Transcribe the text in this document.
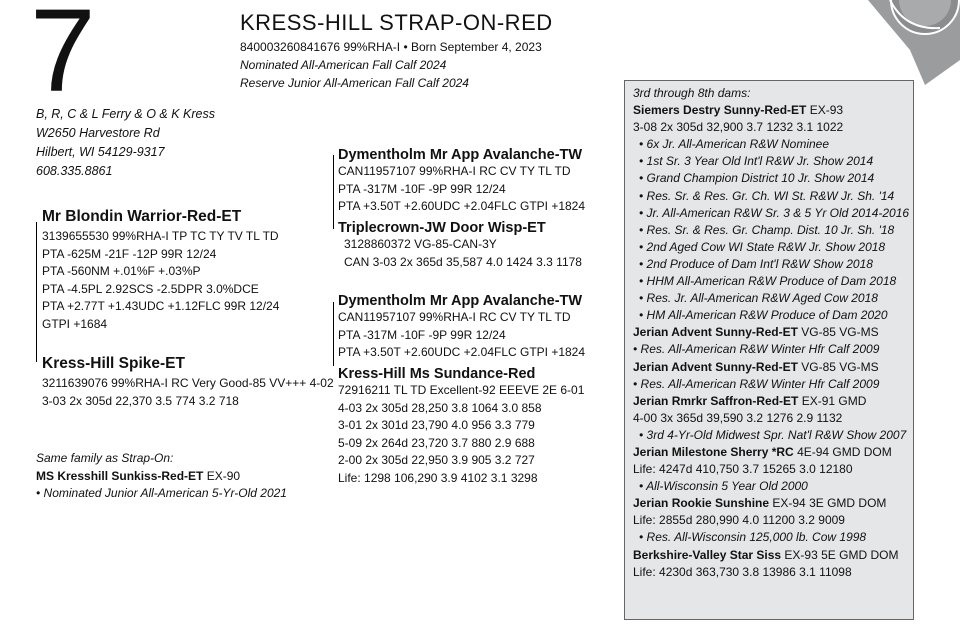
7	KRESS-HILL STRAP-ON-RED
840003260841676 99%RHA-I • Born September 4, 2023
Nominated All-American Fall Calf 2024
Reserve Junior All-American Fall Calf 2024
B, R, C & L Ferry & O & K Kress
W2650 Harvestore Rd
Hilbert, WI 54129-9317
608.335.8861
Mr Blondin Warrior-Red-ET
3139655530 99%RHA-I TP TC TY TV TL TD
PTA -625M -21F -12P 99R 12/24
PTA -560NM +.01%F +.03%P
PTA -4.5PL 2.92SCS -2.5DPR 3.0%DCE
PTA +2.77T +1.43UDC +1.12FLC 99R 12/24
GTPI +1684
Kress-Hill Spike-ET
3211639076 99%RHA-I RC Very Good-85 VV+++ 4-02
3-03 2x 305d 22,370 3.5 774 3.2 718
Same family as Strap-On:
MS Kresshill Sunkiss-Red-ET EX-90
• Nominated Junior All-American 5-Yr-Old 2021
Dymentholm Mr App Avalanche-TW
CAN11957107 99%RHA-I RC CV TY TL TD
PTA -317M -10F -9P 99R 12/24
PTA +3.50T +2.60UDC +2.04FLC GTPI +1824
Triplecrown-JW Door Wisp-ET
3128860372 VG-85-CAN-3Y
CAN 3-03 2x 365d 35,587 4.0 1424 3.3 1178
Dymentholm Mr App Avalanche-TW
CAN11957107 99%RHA-I RC CV TY TL TD
PTA -317M -10F -9P 99R 12/24
PTA +3.50T +2.60UDC +2.04FLC GTPI +1824
Kress-Hill Ms Sundance-Red
72916211 TL TD Excellent-92 EEEVE 2E 6-01
4-03 2x 305d 28,250 3.8 1064 3.0 858
3-01 2x 301d 23,790 4.0 956 3.3 779
5-09 2x 264d 23,720 3.7 880 2.9 688
2-00 2x 305d 22,950 3.9 905 3.2 727
Life: 1298 106,290 3.9 4102 3.1 3298
3rd through 8th dams:
Siemers Destry Sunny-Red-ET EX-93
3-08 2x 305d 32,900 3.7 1232 3.1 1022
• 6x Jr. All-American R&W Nominee
• 1st Sr. 3 Year Old Int'l R&W Jr. Show 2014
• Grand Champion District 10 Jr. Show 2014
• Res. Sr. & Res. Gr. Ch. WI St. R&W Jr. Sh. '14
• Jr. All-American R&W Sr. 3 & 5 Yr Old 2014-2016
• Res. Sr. & Res. Gr. Champ. Dist. 10 Jr. Sh. '18
• 2nd Aged Cow WI State R&W Jr. Show 2018
• 2nd Produce of Dam Int'l R&W Show 2018
• HHM All-American R&W Produce of Dam 2018
• Res. Jr. All-American R&W Aged Cow 2018
• HM All-American R&W Produce of Dam 2020
Jerian Advent Sunny-Red-ET VG-85 VG-MS
• Res. All-American R&W Winter Hfr Calf 2009
Jerian Advent Sunny-Red-ET VG-85 VG-MS
• Res. All-American R&W Winter Hfr Calf 2009
Jerian Rmrkr Saffron-Red-ET EX-91 GMD
4-00 3x 365d 39,590 3.2 1276 2.9 1132
• 3rd 4-Yr-Old Midwest Spr. Nat'l R&W Show 2007
Jerian Milestone Sherry *RC 4E-94 GMD DOM
Life: 4247d 410,750 3.7 15265 3.0 12180
• All-Wisconsin 5 Year Old 2000
Jerian Rookie Sunshine EX-94 3E GMD DOM
Life: 2855d 280,990 4.0 11200 3.2 9009
• Res. All-Wisconsin 125,000 lb. Cow 1998
Berkshire-Valley Star Siss EX-93 5E GMD DOM
Life: 4230d 363,730 3.8 13986 3.1 11098
